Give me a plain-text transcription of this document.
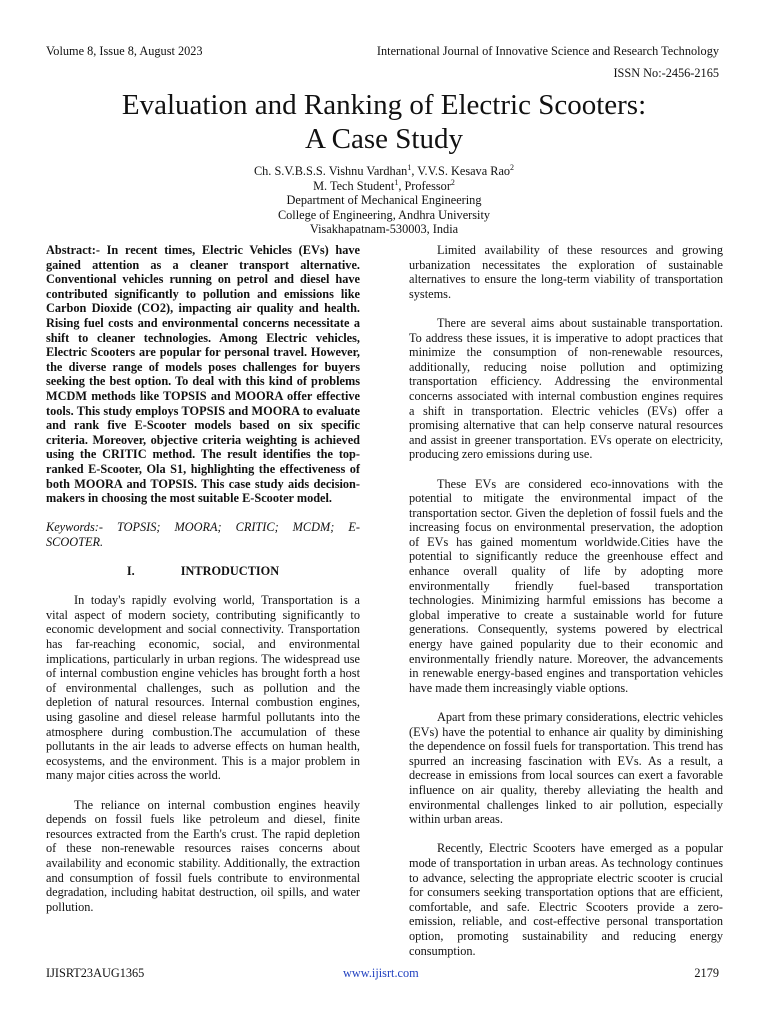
Volume 8, Issue 8, August 2023	International Journal of Innovative Science and Research Technology
ISSN No:-2456-2165
Evaluation and Ranking of Electric Scooters:
A Case Study
Ch. S.V.B.S.S. Vishnu Vardhan$^1$, V.V.S. Kesava Rao$^2$
M. Tech Student$^1$, Professor$^2$
Department of Mechanical Engineering
College of Engineering, Andhra University
Visakhapatnam-530003, India

Abstract:- In recent times, Electric Vehicles (EVs) have gained attention as a cleaner transport alternative. Conventional vehicles running on petrol and diesel have contributed significantly to pollution and emissions like Carbon Dioxide (CO2), impacting air quality and health. Rising fuel costs and environmental concerns necessitate a shift to cleaner technologies. Among Electric vehicles, Electric Scooters are popular for personal travel. However, the diverse range of models poses challenges for buyers seeking the best option. To deal with this kind of problems MCDM methods like TOPSIS and MOORA offer effective tools. This study employs TOPSIS and MOORA to evaluate and rank five E-Scooter models based on six specific criteria. Moreover, objective criteria weighting is achieved using the CRITIC method. The result identifies the top-ranked E-Scooter, Ola S1, highlighting the effectiveness of both MOORA and TOPSIS. This case study aids decision-makers in choosing the most suitable E-Scooter model.

Keywords:- TOPSIS; MOORA; CRITIC; MCDM; E-SCOOTER.

I.	INTRODUCTION

In today's rapidly evolving world, Transportation is a vital aspect of modern society, contributing significantly to economic development and social connectivity. Transportation has far-reaching economic, social, and environmental implications, particularly in urban regions. The widespread use of internal combustion engine vehicles has brought forth a host of environmental challenges, such as pollution and the depletion of natural resources. Internal combustion engines, using gasoline and diesel release harmful pollutants into the atmosphere during combustion.The accumulation of these pollutants in the air leads to adverse effects on human health, ecosystems, and the environment. This is a major problem in many major cities across the world.

The reliance on internal combustion engines heavily depends on fossil fuels like petroleum and diesel, finite resources extracted from the Earth's crust. The rapid depletion of these non-renewable resources raises concerns about availability and economic stability. Additionally, the extraction and consumption of fossil fuels contribute to environmental degradation, including habitat destruction, oil spills, and water pollution.

Limited availability of these resources and growing urbanization necessitates the exploration of sustainable alternatives to ensure the long-term viability of transportation systems.

There are several aims about sustainable transportation. To address these issues, it is imperative to adopt practices that minimize the consumption of non-renewable resources, additionally, reducing noise pollution and optimizing transportation efficiency. Addressing the environmental concerns associated with internal combustion engines requires a shift in transportation. Electric vehicles (EVs) offer a promising alternative that can help conserve natural resources and assist in greener transportation. EVs operate on electricity, producing zero emissions during use.

These EVs are considered eco-innovations with the potential to mitigate the environmental impact of the transportation sector. Given the depletion of fossil fuels and the increasing focus on environmental preservation, the adoption of EVs has gained momentum worldwide.Cities have the potential to significantly reduce the greenhouse effect and enhance overall quality of life by adopting more environmentally friendly fuel-based transportation technologies. Minimizing harmful emissions has become a global imperative to create a sustainable world for future generations. Consequently, systems powered by electrical energy have gained popularity due to their economic and environmentally friendly nature. Moreover, the advancements in renewable energy-based engines and transportation vehicles have made them increasingly viable options.

Apart from these primary considerations, electric vehicles (EVs) have the potential to enhance air quality by diminishing the dependence on fossil fuels for transportation. This trend has spurred an increasing fascination with EVs. As a result, a decrease in emissions from local sources can exert a favorable influence on air quality, thereby alleviating the health and environmental challenges linked to air pollution, especially within urban areas.

Recently, Electric Scooters have emerged as a popular mode of transportation in urban areas. As technology continues to advance, selecting the appropriate electric scooter is crucial for consumers seeking transportation options that are efficient, comfortable, and safe. Electric Scooters provide a zero-emission, reliable, and cost-effective personal transportation option, promoting sustainability and reducing energy consumption.

IJISRT23AUG1365	www.ijisrt.com	2179
